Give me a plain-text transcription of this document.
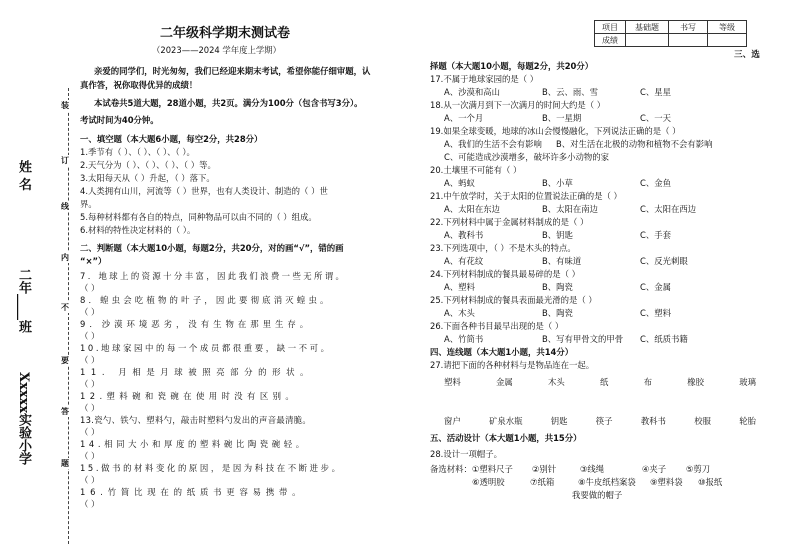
姓 名
二年____班
Xxxxx实验小学
装
订
线
内
不
要
答
题
二年级科学期末测试卷
（2023——2024 学年度上学期）
项目	基础题	书写	等级
成绩			
三、选
亲爱的同学们，时光匆匆，我们已经迎来期末考试，希望你能仔细审题，认
真作答，祝你取得优异的成绩！
本试卷共5道大题，28道小题，共2页。满分为100分（包含书写3分）。
考试时间为40分钟。
一、填空题（本大题6小题，每空2分，共28分）
1.季节有（ ）、（ ）、（ ）、（ ）。
2.天气分为（ ）、（ ）、（ ）、（ ）等。
3.太阳每天从（ ）升起，（ ）落下。
4.人类拥有山川，河流等（ ）世界，也有人类设计、制造的（ ）世
界。
5.每种材料都有各自的特点，同种物品可以由不同的（ ）组成。
6.材料的特性决定材料的（ ）。
二、判断题（本大题10小题，每题2分，共20分，对的画“√”，错的画
“×”）
7．地球上的资源十分丰富，因此我们浪费一些无所谓。
（ ）
8．蝗虫会吃植物的叶子，因此要彻底消灭蝗虫。
（ ）
9．沙漠环境恶劣，没有生物在那里生存。
（ ）
10.地球家园中的每一个成员都很重要，缺一不可。
（ ）
11. 月相是月球被照亮部分的形状。
（ ）
12.塑料碗和瓷碗在使用时没有区别。
（ ）
13.瓷勺、铁勺、塑料勺，敲击时塑料勺发出的声音最清脆。
（ ）
14.相同大小和厚度的塑料碗比陶瓷碗轻。
（ ）
15.做书的材料变化的原因，是因为科技在不断进步。
（ ）
16.竹简比现在的纸质书更容易携带。
（ ）
择题（本大题10小题，每题2分，共20分）
17.不属于地球家园的是（ ）
A、沙漠和高山	B、云、雨、雪	C、星星
18.从一次满月到下一次满月的时间大约是（ ）
A、一个月	B、一星期	C、一天
19.如果全球变暖，地球的冰山会慢慢融化，下列说法正确的是（ ）
A、我们的生活不会有影响 B、对生活在北极的动物和植物不会有影响
C、可能造成沙漠增多，破坏许多小动物的家
20.土壤里不可能有（ ）
A、蚂蚁	B、小草	C、金鱼
21.中午放学时，关于太阳的位置说法正确的是（ ）
A、太阳在东边	B、太阳在南边	C、太阳在西边
22.下列材料中属于金属材料制成的是（ ）
A、教科书	B、钥匙	C、手套
23.下列选项中，（ ）不是木头的特点。
A、有花纹	B、有味道	C、反光刺眼
24.下列材料制成的餐具最易碎的是（ ）
A、塑料	B、陶瓷	C、金属
25.下列材料制成的餐具表面最光滑的是（ ）
A、木头	B、陶瓷	C、塑料
26.下面各种书目最早出现的是（ ）
A、竹简书	B、写有甲骨文的甲骨 C、纸质书籍
四、连线题（本大题1小题，共14分）
27.请把下面的各种材料与是物品连在一起。
塑料	金属	木头	纸	布	橡胶	玻璃
窗户	矿泉水瓶	钥匙	筷子	教科书	校服	轮胎
五、活动设计（本大题1小题，共15分）
28.设计一项帽子。
备选材料：①塑料尺子 ②别针	③线绳	④夹子 ⑤剪刀
⑥透明胶	⑦纸箱	⑧牛皮纸档案袋 ⑨塑料袋 ⑩报纸
我要做的帽子
